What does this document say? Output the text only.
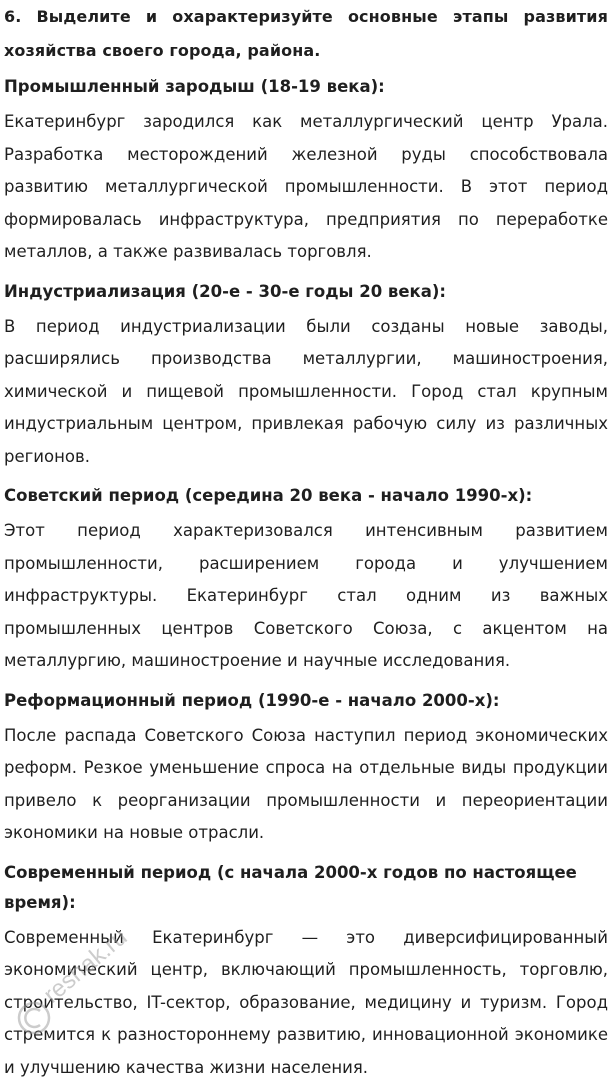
6. Выделите и охарактеризуйте основные этапы развития хозяйства своего города, района.

Промышленный зародыш (18-19 века):

Екатеринбург зародился как металлургический центр Урала. Разработка месторождений железной руды способствовала развитию металлургической промышленности. В этот период формировалась инфраструктура, предприятия по переработке металлов, а также развивалась торговля.

Индустриализация (20-е - 30-е годы 20 века):

В период индустриализации были созданы новые заводы, расширялись производства металлургии, машиностроения, химической и пищевой промышленности. Город стал крупным индустриальным центром, привлекая рабочую силу из различных регионов.

Советский период (середина 20 века - начало 1990-х):

Этот период характеризовался интенсивным развитием промышленности, расширением города и улучшением инфраструктуры. Екатеринбург стал одним из важных промышленных центров Советского Союза, с акцентом на металлургию, машиностроение и научные исследования.

Реформационный период (1990-е - начало 2000-х):

После распада Советского Союза наступил период экономических реформ. Резкое уменьшение спроса на отдельные виды продукции привело к реорганизации промышленности и переориентации экономики на новые отрасли.

Современный период (с начала 2000-х годов по настоящее время):

Современный Екатеринбург — это диверсифицированный экономический центр, включающий промышленность, торговлю, строительство, IT-сектор, образование, медицину и туризм. Город стремится к разностороннему развитию, инновационной экономике и улучшению качества жизни населения.

reshak.ru
